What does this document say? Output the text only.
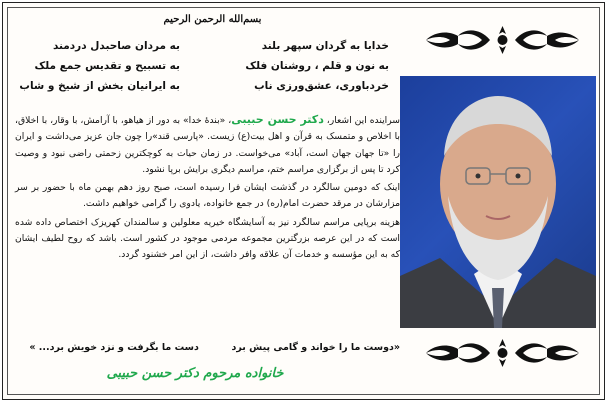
بسم‌الله الرحمن الرحیم
خدایا به گردان سپهر بلند
به نون و قلم ، روشنان فلک
خردباوری، عشق‌ورزی ناب
به مردان صاحبدل دردمند
به تسبیح و تقدیس جمع ملک
به ایرانیان بخش از شیخ و شاب

سراینده این اشعار، دکتر حسن حبیبی، «بندهٔ خدا» به دور از هیاهو، با آرامش، با وقار، با اخلاق، با اخلاص و متمسک به قرآن و اهل بیت(ع) زیست. «پارسی قند»را چون جان عزیز می‌داشت و ایران را «تا جهان جهان است، آباد» می‌خواست. در زمان حیات به کوچکترین زحمتی راضی نبود و وصیت کرد تا پس از برگزاری مراسم ختم، مراسم دیگری برایش برپا نشود.

اینک که دومین سالگرد در گذشت ایشان فرا رسیده است، صبح روز دهم بهمن ماه با حضور بر سر مزارشان در مرقد حضرت امام(ره) در جمع خانواده، یادوی را گرامی خواهیم داشت.

هزینه برپایی مراسم سالگرد نیز به آسایشگاه خیریه معلولین و سالمندان کهریزک اختصاص داده شده است که در این عرصه بزرگترین مجموعه مردمی موجود در کشور است. باشد که روح لطیف ایشان که به این مؤسسه و خدمات آن علاقه وافر داشت، از این امر خشنود گردد.

«دوست ما را خواند و گامی پیش برد  دست ما بگرفت و نزد خویش برد... »
خانواده مرحوم دکتر حسن حبیبی
